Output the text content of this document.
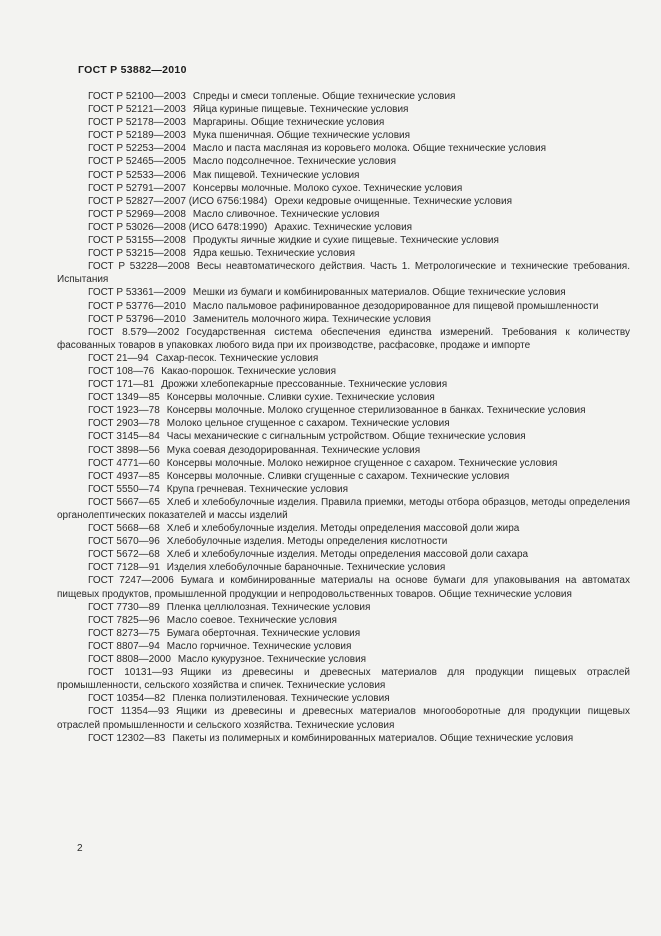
ГОСТ Р 53882—2010

ГОСТ Р 52100—2003 Спреды и смеси топленые. Общие технические условия

ГОСТ Р 52121—2003 Яйца куриные пищевые. Технические условия

ГОСТ Р 52178—2003 Маргарины. Общие технические условия

ГОСТ Р 52189—2003 Мука пшеничная. Общие технические условия

ГОСТ Р 52253—2004 Масло и паста масляная из коровьего молока. Общие технические условия

ГОСТ Р 52465—2005 Масло подсолнечное. Технические условия

ГОСТ Р 52533—2006 Мак пищевой. Технические условия

ГОСТ Р 52791—2007 Консервы молочные. Молоко сухое. Технические условия

ГОСТ Р 52827—2007 (ИСО 6756:1984) Орехи кедровые очищенные. Технические условия

ГОСТ Р 52969—2008 Масло сливочное. Технические условия

ГОСТ Р 53026—2008 (ИСО 6478:1990) Арахис. Технические условия

ГОСТ Р 53155—2008 Продукты яичные жидкие и сухие пищевые. Технические условия

ГОСТ Р 53215—2008 Ядра кешью. Технические условия

ГОСТ Р 53228—2008 Весы неавтоматического действия. Часть 1. Метрологические и технические требования. Испытания

ГОСТ Р 53361—2009 Мешки из бумаги и комбинированных материалов. Общие технические условия

ГОСТ Р 53776—2010 Масло пальмовое рафинированное дезодорированное для пищевой промышленности

ГОСТ Р 53796—2010 Заменитель молочного жира. Технические условия

ГОСТ 8.579—2002 Государственная система обеспечения единства измерений. Требования к количеству фасованных товаров в упаковках любого вида при их производстве, расфасовке, продаже и импорте

ГОСТ 21—94 Сахар-песок. Технические условия

ГОСТ 108—76 Какао-порошок. Технические условия

ГОСТ 171—81 Дрожжи хлебопекарные прессованные. Технические условия

ГОСТ 1349—85 Консервы молочные. Сливки сухие. Технические условия

ГОСТ 1923—78 Консервы молочные. Молоко сгущенное стерилизованное в банках. Технические условия

ГОСТ 2903—78 Молоко цельное сгущенное с сахаром. Технические условия

ГОСТ 3145—84 Часы механические с сигнальным устройством. Общие технические условия

ГОСТ 3898—56 Мука соевая дезодорированная. Технические условия

ГОСТ 4771—60 Консервы молочные. Молоко нежирное сгущенное с сахаром. Технические условия

ГОСТ 4937—85 Консервы молочные. Сливки сгущенные с сахаром. Технические условия

ГОСТ 5550—74 Крупа гречневая. Технические условия

ГОСТ 5667—65 Хлеб и хлебобулочные изделия. Правила приемки, методы отбора образцов, методы определения органолептических показателей и массы изделий

ГОСТ 5668—68 Хлеб и хлебобулочные изделия. Методы определения массовой доли жира

ГОСТ 5670—96 Хлебобулочные изделия. Методы определения кислотности

ГОСТ 5672—68 Хлеб и хлебобулочные изделия. Методы определения массовой доли сахара

ГОСТ 7128—91 Изделия хлебобулочные бараночные. Технические условия

ГОСТ 7247—2006 Бумага и комбинированные материалы на основе бумаги для упаковывания на автоматах пищевых продуктов, промышленной продукции и непродовольственных товаров. Общие технические условия

ГОСТ 7730—89 Пленка целлюлозная. Технические условия

ГОСТ 7825—96 Масло соевое. Технические условия

ГОСТ 8273—75 Бумага оберточная. Технические условия

ГОСТ 8807—94 Масло горчичное. Технические условия

ГОСТ 8808—2000 Масло кукурузное. Технические условия

ГОСТ 10131—93 Ящики из древесины и древесных материалов для продукции пищевых отраслей промышленности, сельского хозяйства и спичек. Технические условия

ГОСТ 10354—82 Пленка полиэтиленовая. Технические условия

ГОСТ 11354—93 Ящики из древесины и древесных материалов многооборотные для продукции пищевых отраслей промышленности и сельского хозяйства. Технические условия

ГОСТ 12302—83 Пакеты из полимерных и комбинированных материалов. Общие технические условия

2
